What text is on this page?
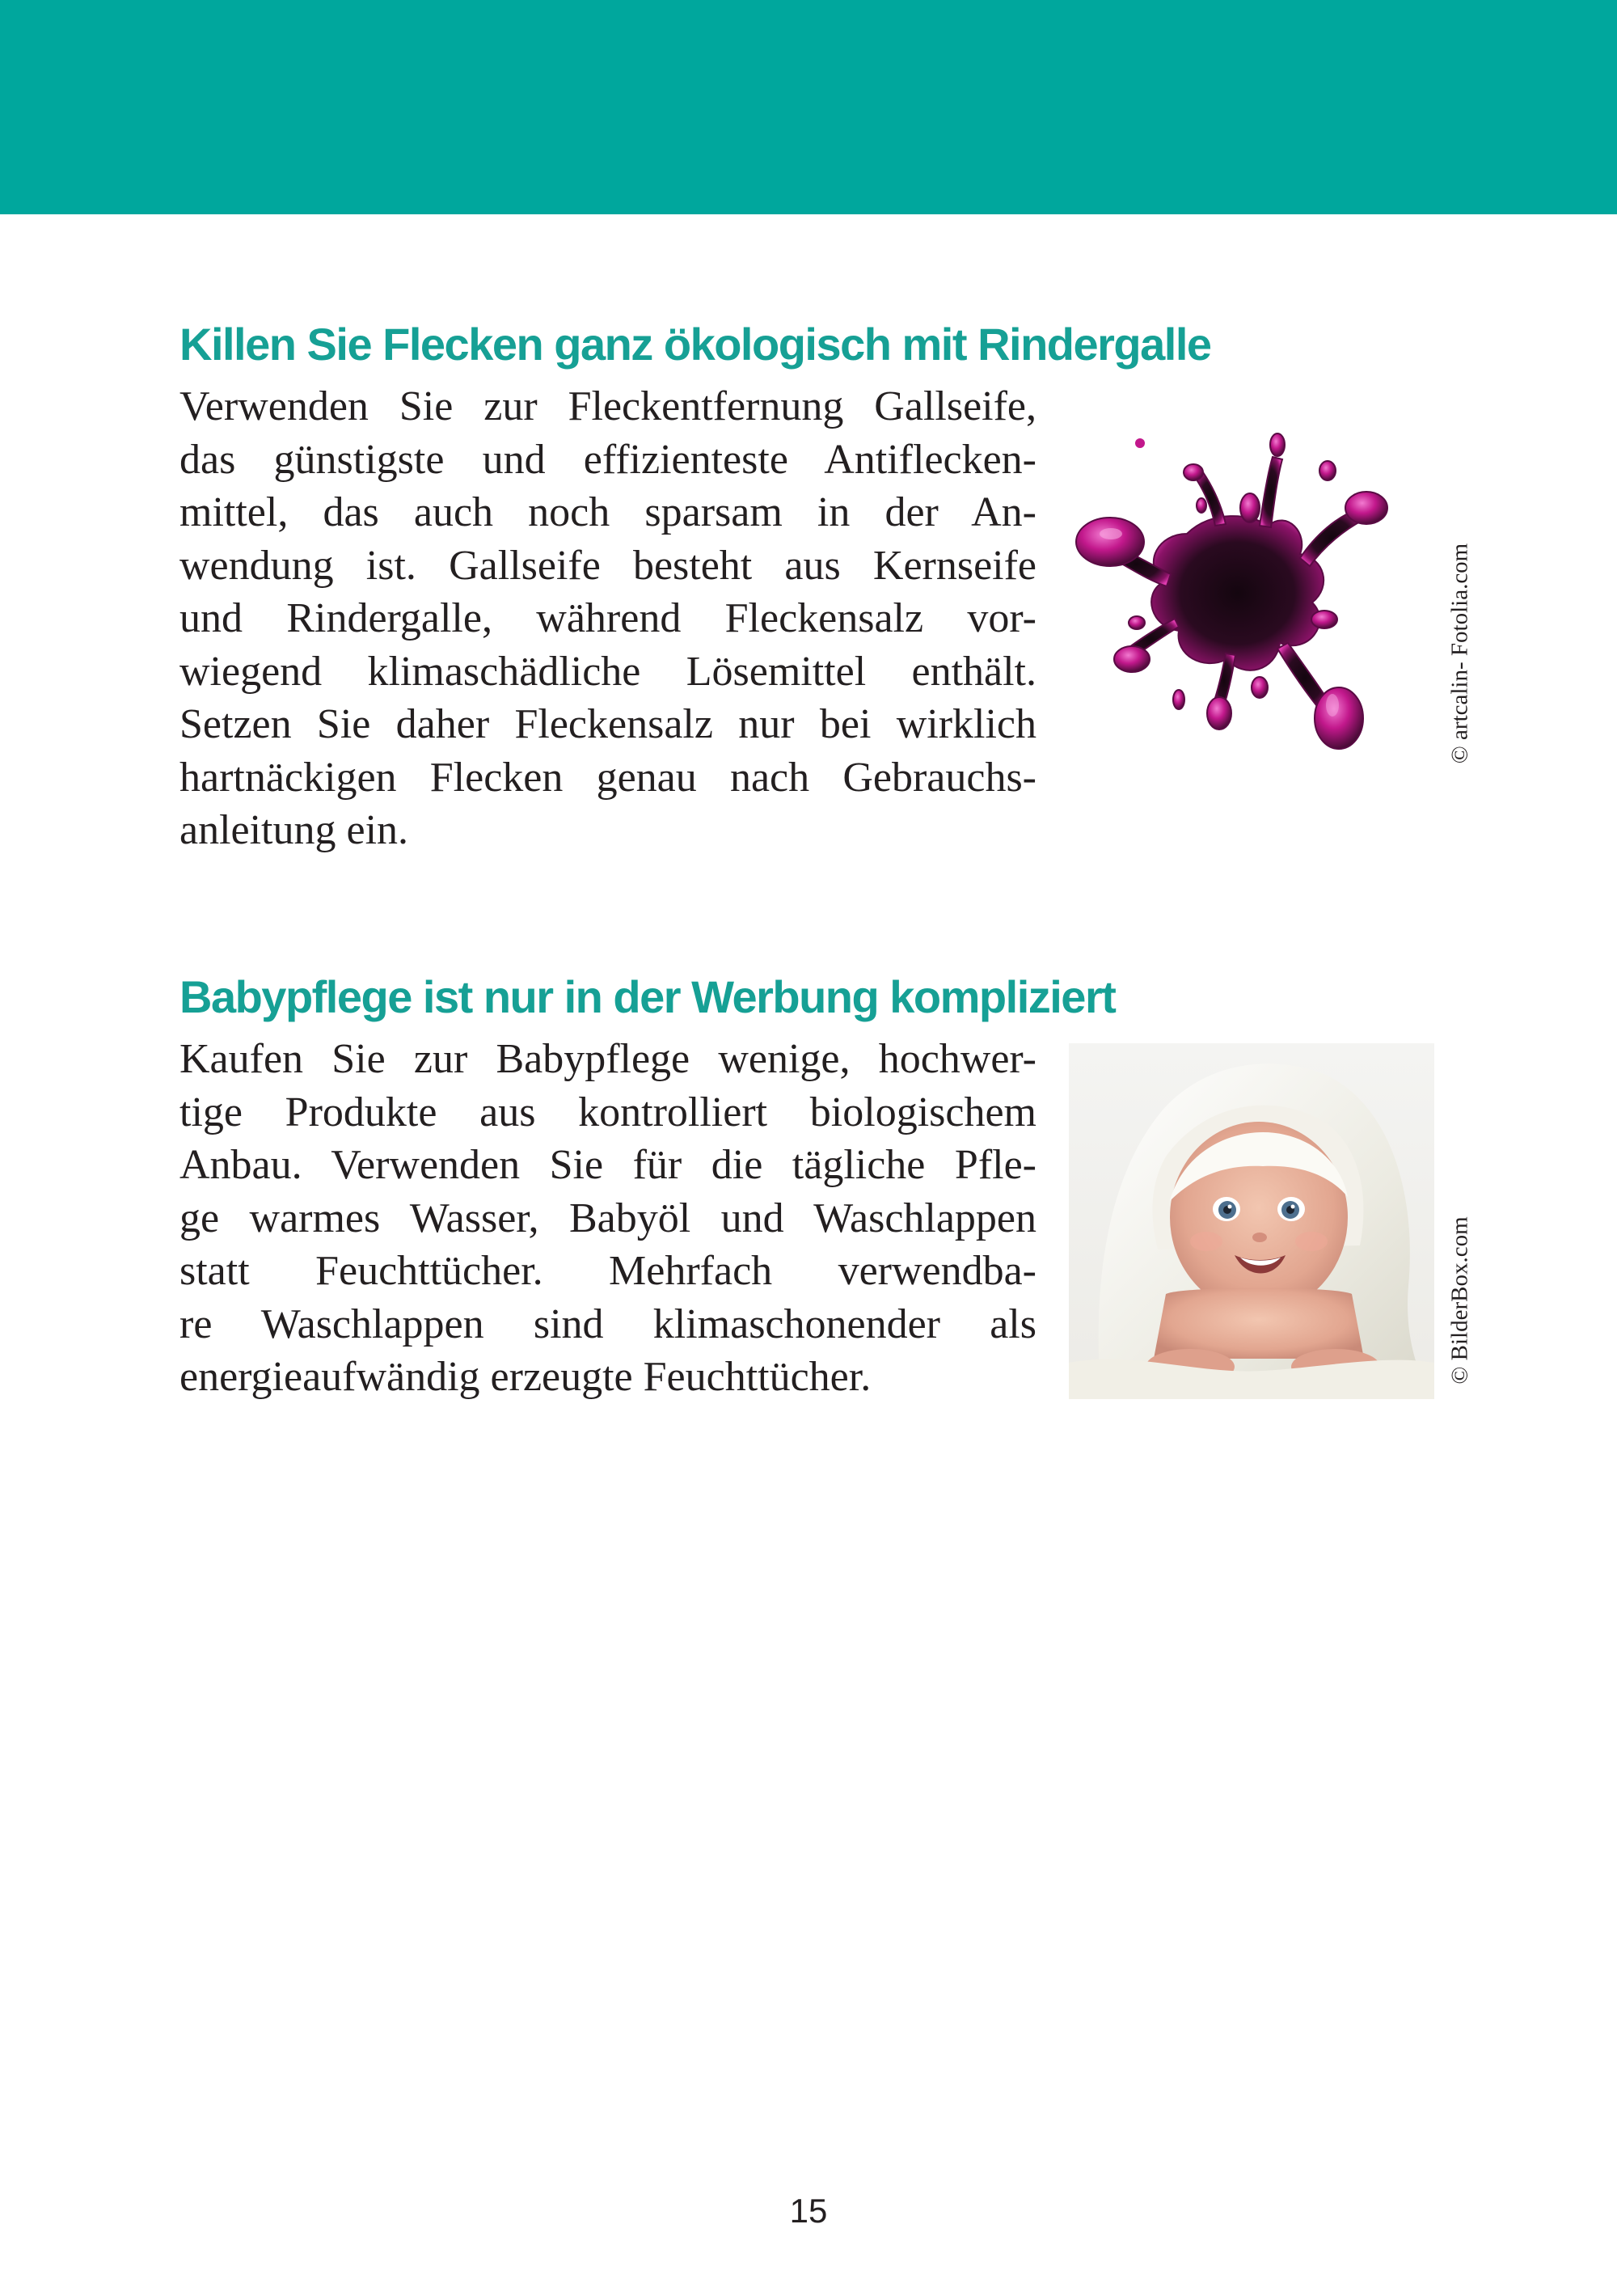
Killen Sie Flecken ganz ökologisch mit Rindergalle
Verwenden Sie zur Fleckentfernung Gallseife,
das günstigste und effizienteste Antiflecken-
mittel, das auch noch sparsam in der An-
wendung ist. Gallseife besteht aus Kernseife
und Rindergalle, während Fleckensalz vor-
wiegend klimaschädliche Lösemittel enthält.
Setzen Sie daher Fleckensalz nur bei wirklich
hartnäckigen Flecken genau nach Gebrauchs-
anleitung ein.
© artcalin- Fotolia.com
Babypflege ist nur in der Werbung kompliziert
Kaufen Sie zur Babypflege wenige, hochwer-
tige Produkte aus kontrolliert biologischem
Anbau. Verwenden Sie für die tägliche Pfle-
ge warmes Wasser, Babyöl und Waschlappen
statt Feuchttücher. Mehrfach verwendba-
re Waschlappen sind klimaschonender als
energieaufwändig erzeugte Feuchttücher.	© BilderBox.com
15
